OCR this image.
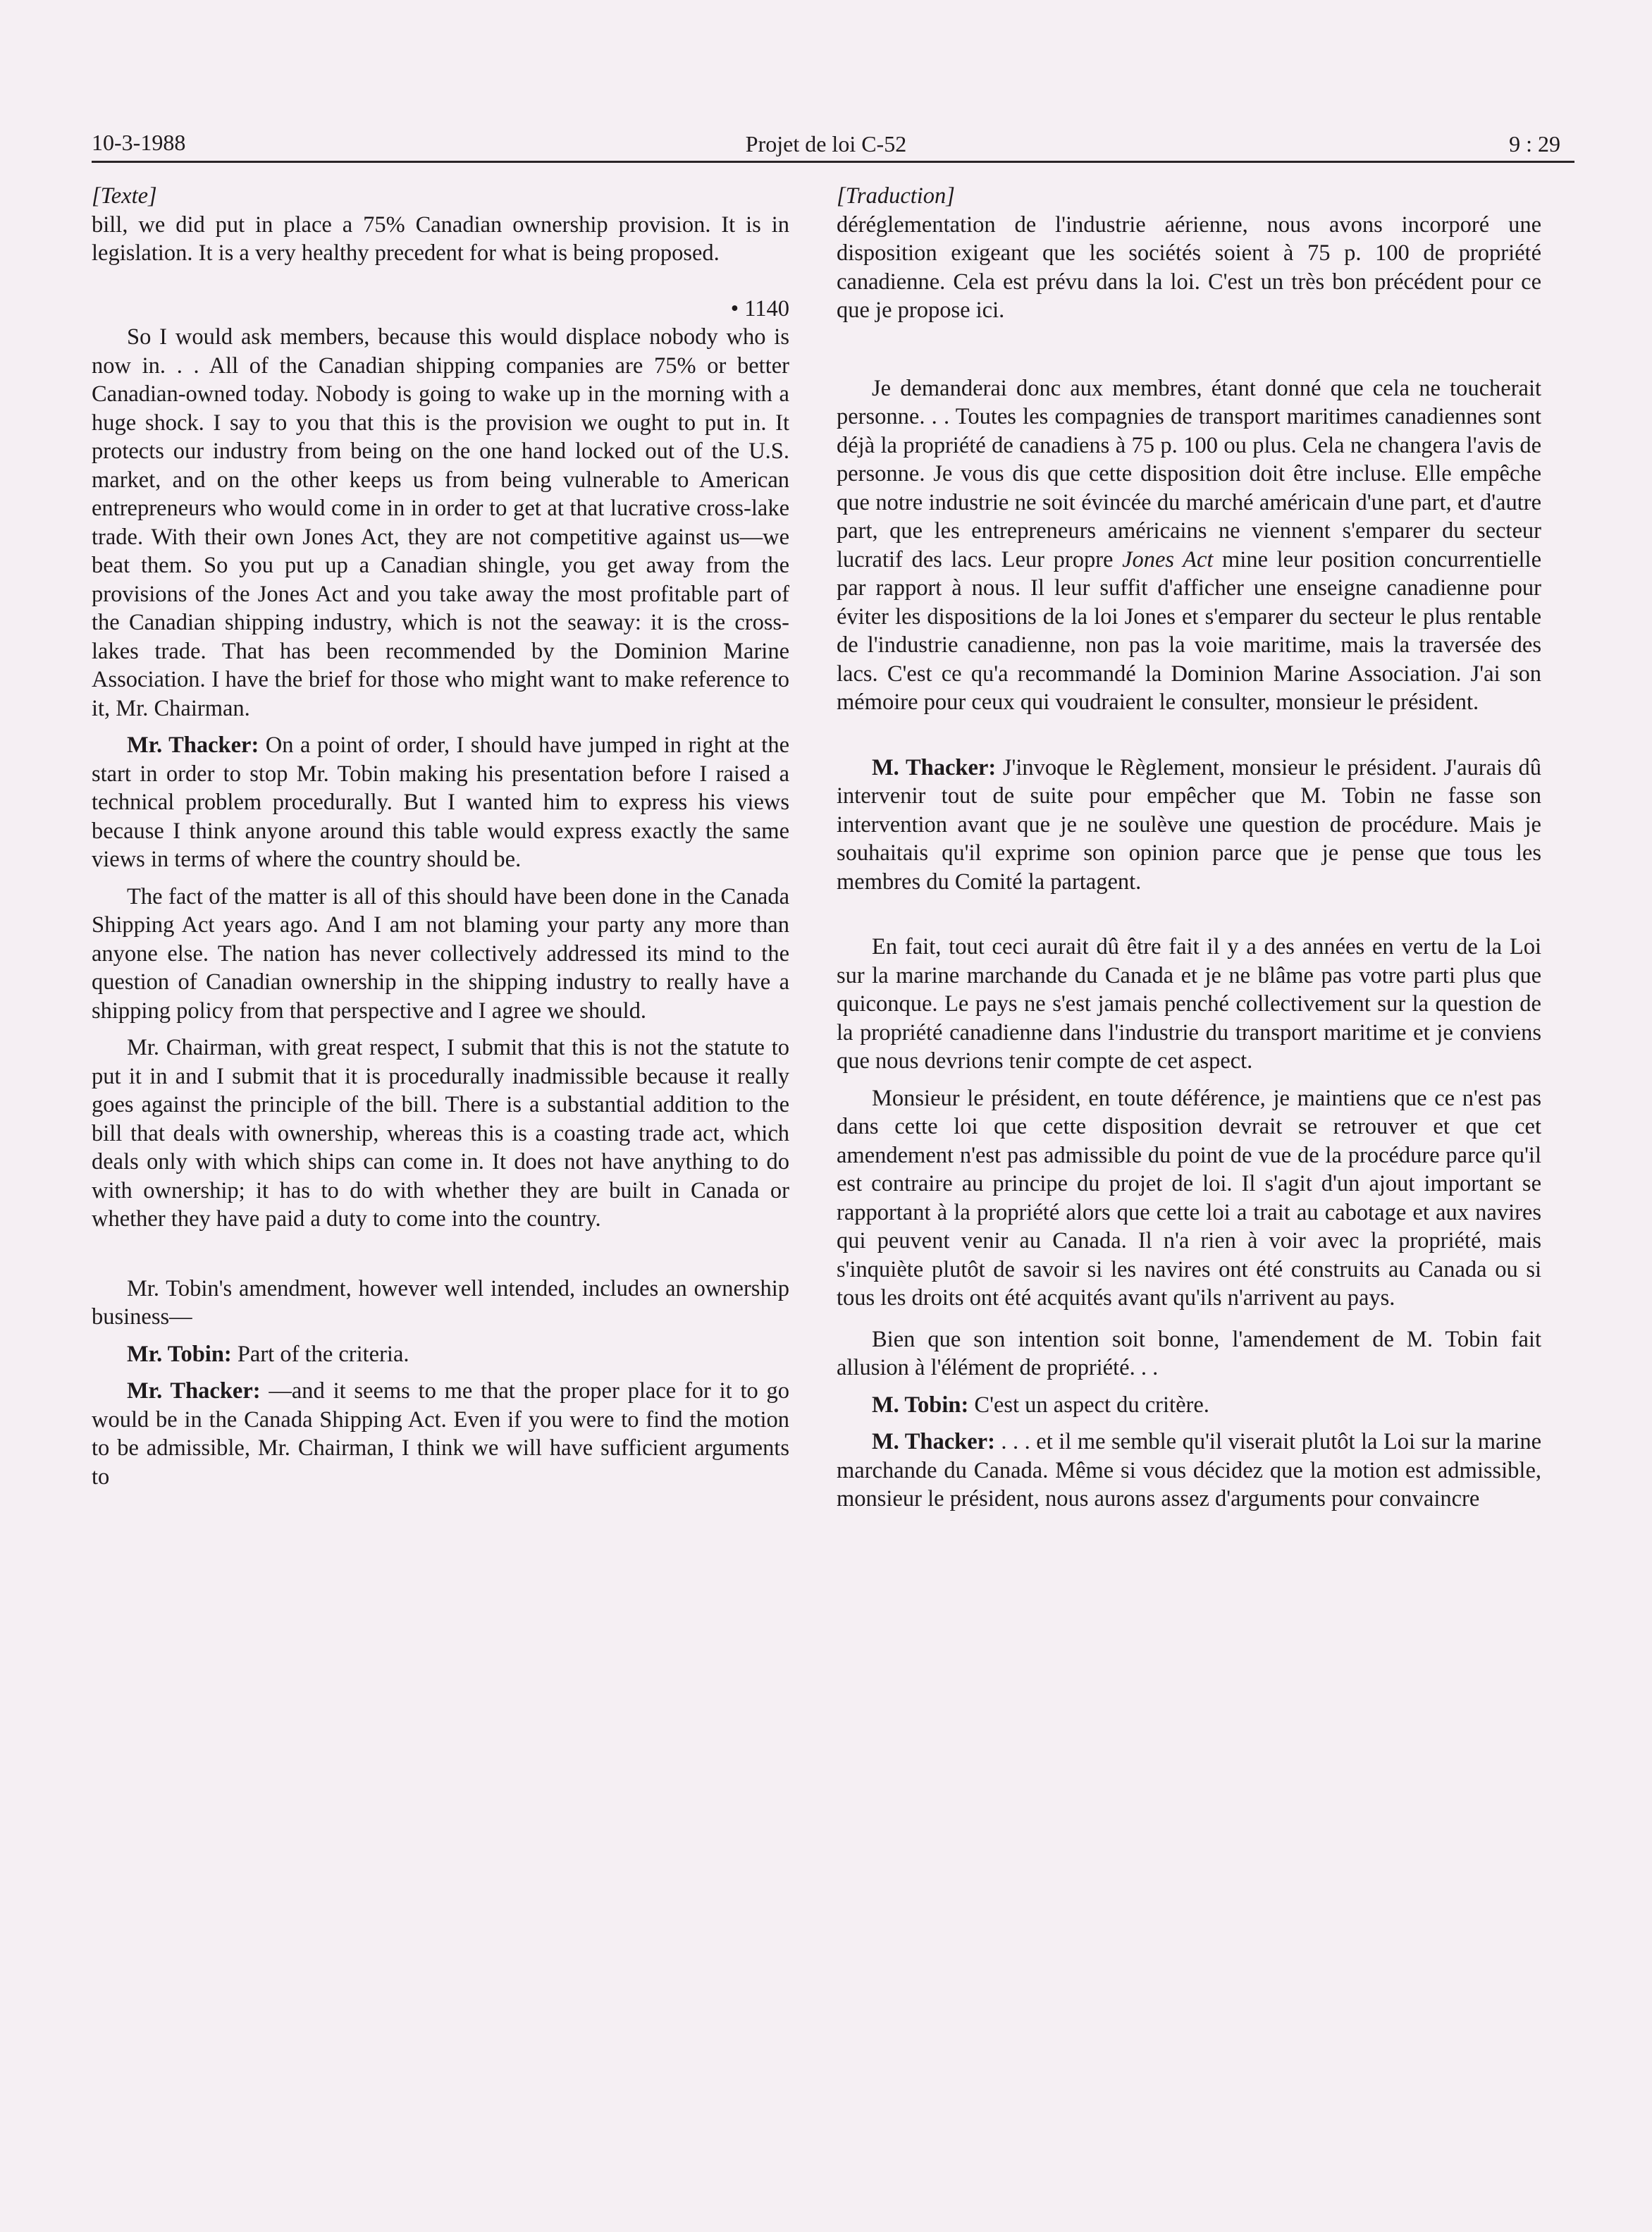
10-3-1988	Projet de loi C-52	9 : 29

[Texte]

bill, we did put in place a 75% Canadian ownership provision. It is in legislation. It is a very healthy precedent for what is being proposed.

• 1140

So I would ask members, because this would displace nobody who is now in. . . All of the Canadian shipping companies are 75% or better Canadian-owned today. Nobody is going to wake up in the morning with a huge shock. I say to you that this is the provision we ought to put in. It protects our industry from being on the one hand locked out of the U.S. market, and on the other keeps us from being vulnerable to American entrepreneurs who would come in in order to get at that lucrative cross-lake trade. With their own Jones Act, they are not competitive against us—we beat them. So you put up a Canadian shingle, you get away from the provisions of the Jones Act and you take away the most profitable part of the Canadian shipping industry, which is not the seaway: it is the cross-lakes trade. That has been recommended by the Dominion Marine Association. I have the brief for those who might want to make reference to it, Mr. Chairman.

Mr. Thacker: On a point of order, I should have jumped in right at the start in order to stop Mr. Tobin making his presentation before I raised a technical problem procedurally. But I wanted him to express his views because I think anyone around this table would express exactly the same views in terms of where the country should be.

The fact of the matter is all of this should have been done in the Canada Shipping Act years ago. And I am not blaming your party any more than anyone else. The nation has never collectively addressed its mind to the question of Canadian ownership in the shipping industry to really have a shipping policy from that perspective and I agree we should.

Mr. Chairman, with great respect, I submit that this is not the statute to put it in and I submit that it is procedurally inadmissible because it really goes against the principle of the bill. There is a substantial addition to the bill that deals with ownership, whereas this is a coasting trade act, which deals only with which ships can come in. It does not have anything to do with ownership; it has to do with whether they are built in Canada or whether they have paid a duty to come into the country.

Mr. Tobin's amendment, however well intended, includes an ownership business—

Mr. Tobin: Part of the criteria.

Mr. Thacker: —and it seems to me that the proper place for it to go would be in the Canada Shipping Act. Even if you were to find the motion to be admissible, Mr. Chairman, I think we will have sufficient arguments to

[Traduction]

déréglementation de l'industrie aérienne, nous avons incorporé une disposition exigeant que les sociétés soient à 75 p. 100 de propriété canadienne. Cela est prévu dans la loi. C'est un très bon précédent pour ce que je propose ici.

Je demanderai donc aux membres, étant donné que cela ne toucherait personne. . . Toutes les compagnies de transport maritimes canadiennes sont déjà la propriété de canadiens à 75 p. 100 ou plus. Cela ne changera l'avis de personne. Je vous dis que cette disposition doit être incluse. Elle empêche que notre industrie ne soit évincée du marché américain d'une part, et d'autre part, que les entrepreneurs américains ne viennent s'emparer du secteur lucratif des lacs. Leur propre Jones Act mine leur position concurrentielle par rapport à nous. Il leur suffit d'afficher une enseigne canadienne pour éviter les dispositions de la loi Jones et s'emparer du secteur le plus rentable de l'industrie canadienne, non pas la voie maritime, mais la traversée des lacs. C'est ce qu'a recommandé la Dominion Marine Association. J'ai son mémoire pour ceux qui voudraient le consulter, monsieur le président.

M. Thacker: J'invoque le Règlement, monsieur le président. J'aurais dû intervenir tout de suite pour empêcher que M. Tobin ne fasse son intervention avant que je ne soulève une question de procédure. Mais je souhaitais qu'il exprime son opinion parce que je pense que tous les membres du Comité la partagent.

En fait, tout ceci aurait dû être fait il y a des années en vertu de la Loi sur la marine marchande du Canada et je ne blâme pas votre parti plus que quiconque. Le pays ne s'est jamais penché collectivement sur la question de la propriété canadienne dans l'industrie du transport maritime et je conviens que nous devrions tenir compte de cet aspect.

Monsieur le président, en toute déférence, je maintiens que ce n'est pas dans cette loi que cette disposition devrait se retrouver et que cet amendement n'est pas admissible du point de vue de la procédure parce qu'il est contraire au principe du projet de loi. Il s'agit d'un ajout important se rapportant à la propriété alors que cette loi a trait au cabotage et aux navires qui peuvent venir au Canada. Il n'a rien à voir avec la propriété, mais s'inquiète plutôt de savoir si les navires ont été construits au Canada ou si tous les droits ont été acquités avant qu'ils n'arrivent au pays.

Bien que son intention soit bonne, l'amendement de M. Tobin fait allusion à l'élément de propriété. . .

M. Tobin: C'est un aspect du critère.

M. Thacker: . . . et il me semble qu'il viserait plutôt la Loi sur la marine marchande du Canada. Même si vous décidez que la motion est admissible, monsieur le président, nous aurons assez d'arguments pour convaincre
